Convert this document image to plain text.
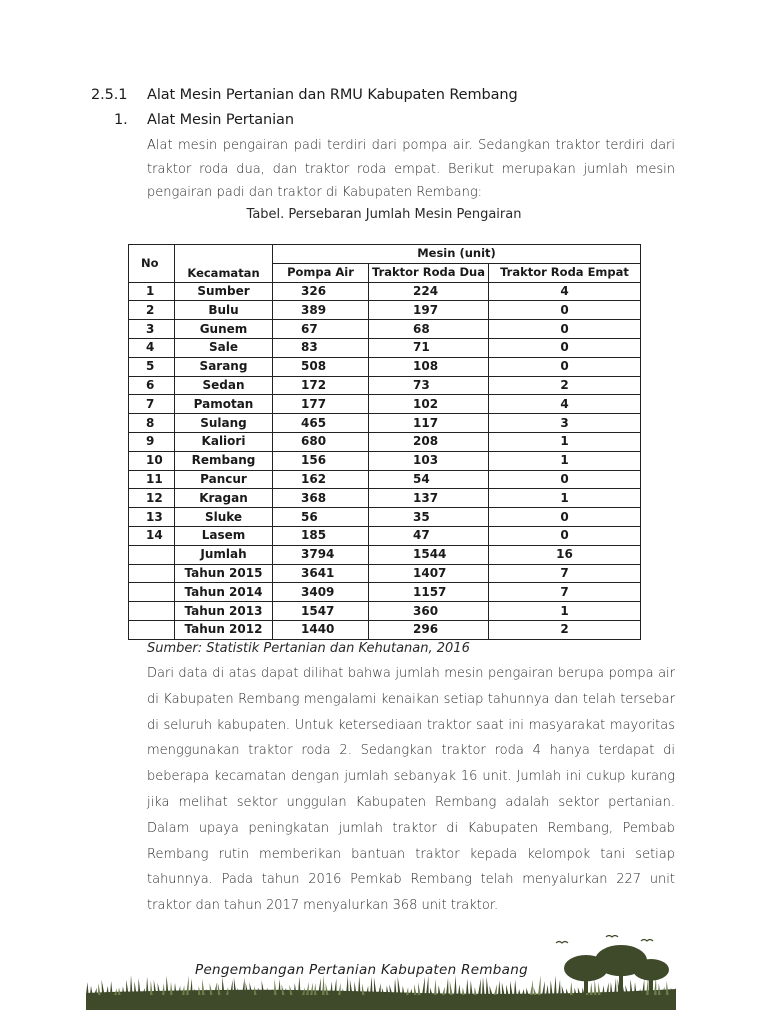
2.5.1 Alat Mesin Pertanian dan RMU Kabupaten Rembang
1. Alat Mesin Pertanian
Alat mesin pengairan padi terdiri dari pompa air. Sedangkan traktor terdiri dari traktor roda dua, dan traktor roda empat. Berikut merupakan jumlah mesin pengairan padi dan traktor di Kabupaten Rembang:
Tabel. Persebaran Jumlah Mesin Pengairan
No	Kecamatan	Mesin (unit)		
		Pompa Air	Traktor Roda Dua	Traktor Roda Empat
1	Sumber	326	224	4
2	Bulu	389	197	0
3	Gunem	67	68	0
4	Sale	83	71	0
5	Sarang	508	108	0
6	Sedan	172	73	2
7	Pamotan	177	102	4
8	Sulang	465	117	3
9	Kaliori	680	208	1
10	Rembang	156	103	1
11	Pancur	162	54	0
12	Kragan	368	137	1
13	Sluke	56	35	0
14	Lasem	185	47	0
	Jumlah	3794	1544	16
	Tahun 2015	3641	1407	7
	Tahun 2014	3409	1157	7
	Tahun 2013	1547	360	1
	Tahun 2012	1440	296	2
Sumber: Statistik Pertanian dan Kehutanan, 2016
Dari data di atas dapat dilihat bahwa jumlah mesin pengairan berupa pompa air di Kabupaten Rembang mengalami kenaikan setiap tahunnya dan telah tersebar di seluruh kabupaten. Untuk ketersediaan traktor saat ini masyarakat mayoritas menggunakan traktor roda 2. Sedangkan traktor roda 4 hanya terdapat di beberapa kecamatan dengan jumlah sebanyak 16 unit. Jumlah ini cukup kurang jika melihat sektor unggulan Kabupaten Rembang adalah sektor pertanian. Dalam upaya peningkatan jumlah traktor di Kabupaten Rembang, Pembab Rembang rutin memberikan bantuan traktor kepada kelompok tani setiap tahunnya. Pada tahun 2016 Pemkab Rembang telah menyalurkan 227 unit traktor dan tahun 2017 menyalurkan 368 unit traktor.
Pengembangan Pertanian Kabupaten Rembang
